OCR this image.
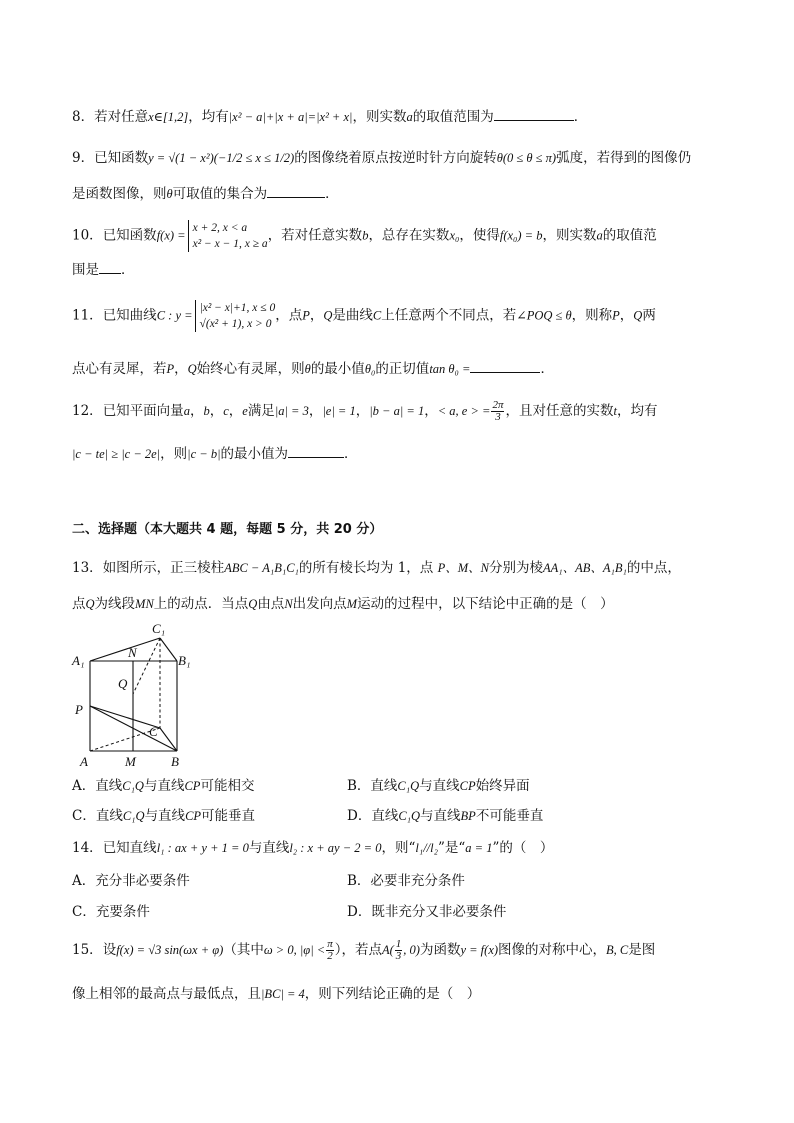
8．若对任意x∈[1,2]，均有|x² − a|+|x + a|=|x² + x|，则实数a的取值范围为	．
9．已知函数y = √(1 − x²)(−1/2 ≤ x ≤ 1/2)的图像绕着原点按逆时针方向旋转θ(0 ≤ θ ≤ π)弧度，若得到的图像仍
是函数图像，则θ可取值的集合为	．
10．已知函数f(x) =
x + 2, x < a
x² − x − 1, x ≥ a
，若对任意实数b，总存在实数x₀，使得f(x₀) = b，则实数a的取值范
围是 ．
11．已知曲线C : y =
|x² − x|+1, x ≤ 0
√(x² + 1), x > 0
，点P，Q是曲线C上任意两个不同点，若∠POQ ≤ θ，则称P，Q两
点心有灵犀，若P，Q始终心有灵犀，则θ的最小值θ₀的正切值tan θ₀ =	．
12．已知平面向量a，b，c，e满足|a| = 3，|e| = 1，|b − a| = 1，< a, e > = $\frac{2\pi}{3}$ ，且对任意的实数t，均有
|c − te| ≥ |c − 2e|，则|c − b|的最小值为	．
二、选择题（本大题共 4 题，每题 5 分，共 20 分）
13．如图所示，正三棱柱ABC − A₁B₁C₁的所有棱长均为 1，点 P、M、N分别为棱AA₁、AB、A₁B₁的中点，
点Q为线段MN上的动点．当点Q由点N出发向点M运动的过程中，以下结论中正确的是（　）
A₁
C₁
B₁
N
Q
P
C
A	M	B
A．直线C₁Q与直线CP可能相交	B．直线C₁Q与直线CP始终异面
C．直线C₁Q与直线CP可能垂直	D．直线C₁Q与直线BP不可能垂直
14．已知直线l₁ : ax + y + 1 = 0与直线l₂ : x + ay − 2 = 0，则“l₁//l₂”是“a = 1”的（　）
A．充分非必要条件	B．必要非充分条件
C．充要条件	D．既非充分又非必要条件
15．设f(x) = √3 sin(ωx + φ)（其中ω > 0, $|\varphi| < \frac{\pi}{2}$ ），若点$A( \frac{1}{3}$ , 0)为函数y = f(x)图像的对称中心，B, C是图
像上相邻的最高点与最低点，且|BC| = 4，则下列结论正确的是（　）
